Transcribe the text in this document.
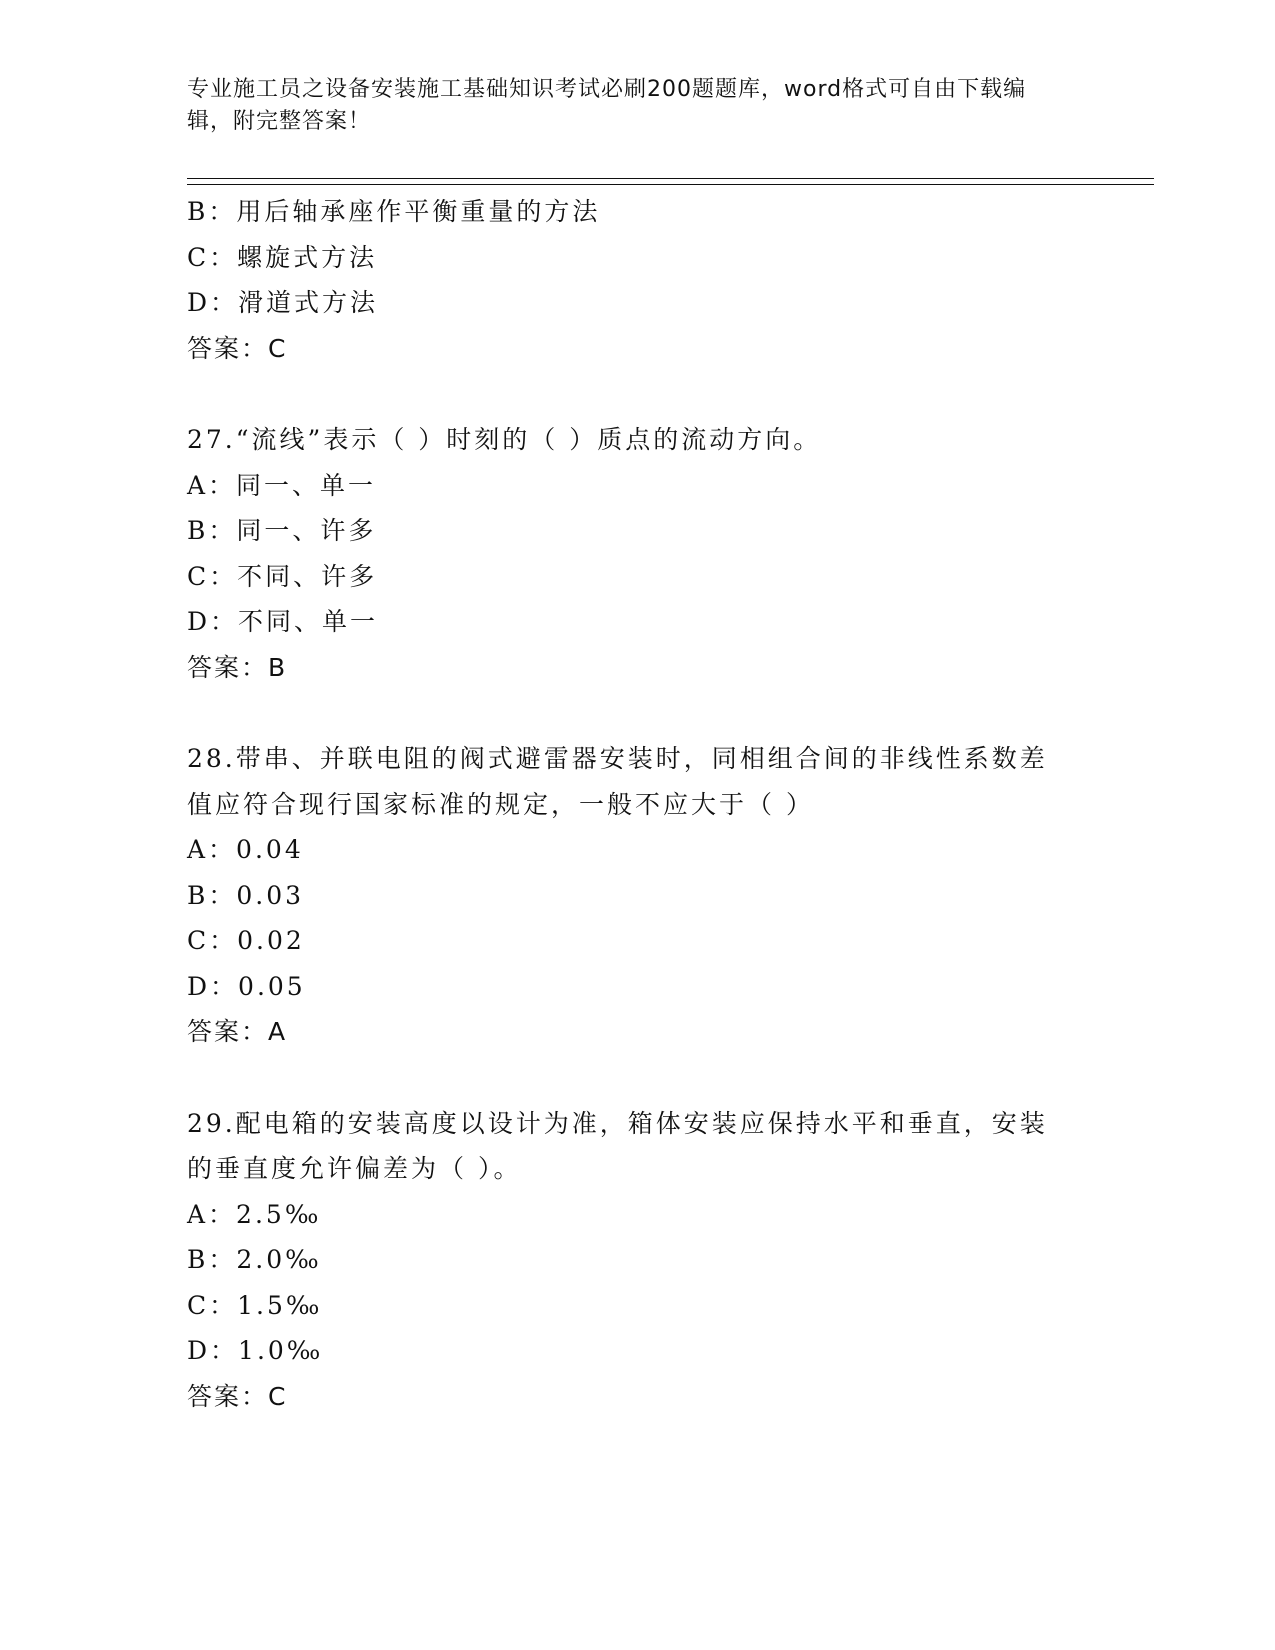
专业施工员之设备安装施工基础知识考试必刷200题题库，word格式可自由下载编辑，附完整答案！
B：用后轴承座作平衡重量的方法
C：螺旋式方法
D：滑道式方法
答案：C
27.“流线”表示（ ）时刻的（ ）质点的流动方向。
A：同一、单一
B：同一、许多
C：不同、许多
D：不同、单一
答案：B
28.带串、并联电阻的阀式避雷器安装时，同相组合间的非线性系数差值应符合现行国家标准的规定，一般不应大于（ ）
A：0.04
B：0.03
C：0.02
D：0.05
答案：A
29.配电箱的安装高度以设计为准，箱体安装应保持水平和垂直，安装的垂直度允许偏差为（ ）。
A：2.5‰
B：2.0‰
C：1.5‰
D：1.0‰
答案：C
